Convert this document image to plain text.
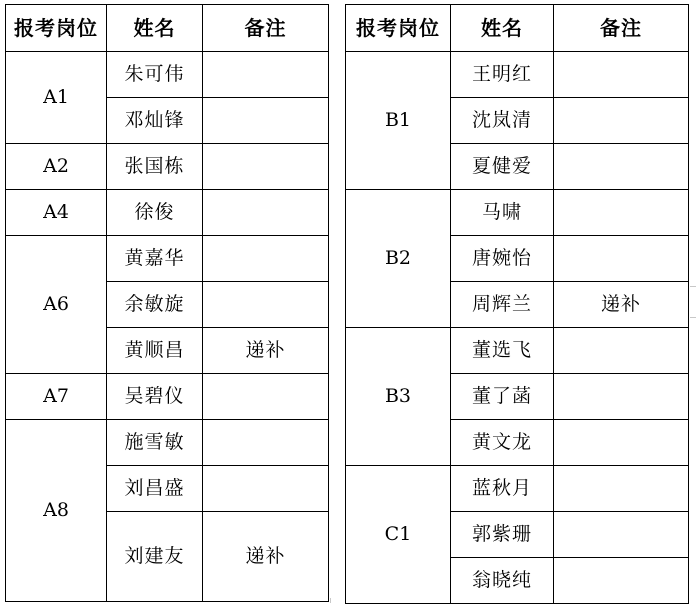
报考岗位	姓名	备注
A1	朱可伟	
	邓灿锋	
A2	张国栋	
A4	徐俊	
A6	黄嘉华	
	余敏旋	
	黄顺昌	递补
A7	吴碧仪	
A8	施雪敏	
	刘昌盛	
	刘建友	递补
报考岗位	姓名	备注
B1	王明红	
	沈岚清	
	夏健爱	
B2	马啸	
	唐婉怡	
	周辉兰	递补
B3	董选飞	
	董了菡	
	黄文龙	
C1	蓝秋月	
	郭紫珊	
	翁晓纯	
